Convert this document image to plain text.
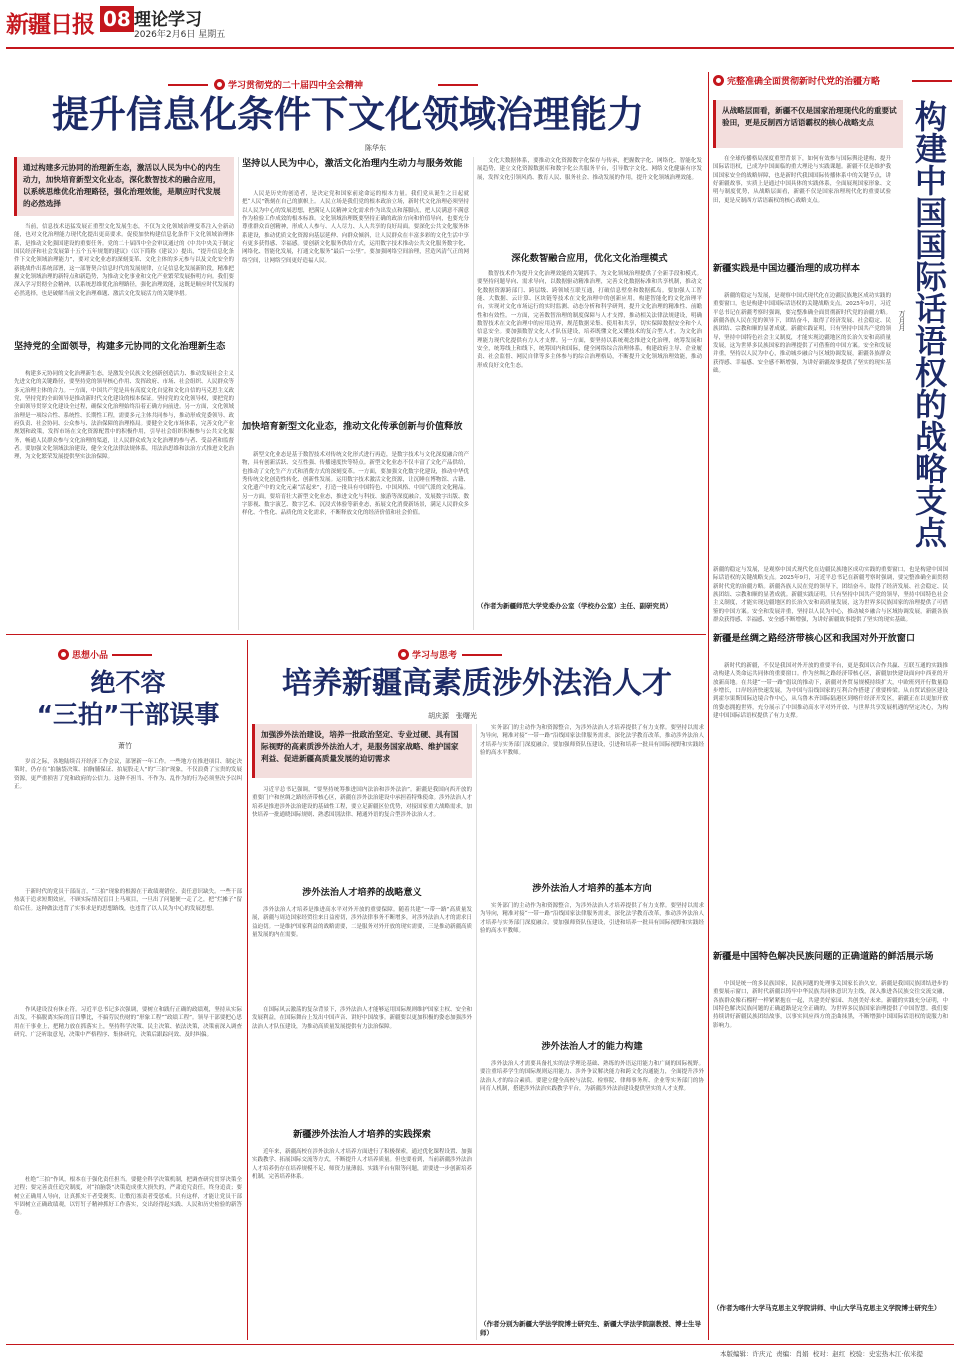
新疆日报 08 理论学习
2026年2月6日 星期五
学习贯彻党的二十届四中全会精神
提升信息化条件下文化领域治理能力
陈华东
通过构建多元协同的治理新生态，激活以人民为中心的内生动力，加快培育新型文化业态，深化数智技术的融合应用，以系统思维优化治理路径，强化治理效能，是顺应时代发展的必然选择
当前，信息技术迅猛发展正重塑文化发展生态，不仅为文化领域治理变革注入全新动能，也对文化治理能力现代化提出更高要求。促使加快构建信息化条件下文化领域治理体系，是推动文化强国建设的重要任务。党的二十届四中全会审议通过的《中共中央关于制定国民经济和社会发展第十五个五年规划的建议》（以下简称《建议》）提出，“提升信息化条件下文化领域治理能力”，要对文化业态的深刻变革、文化主体的多元参与以及文化安全的新挑战作出系统部署，这一部署契合信息时代的发展规律，立足信息化发展新阶段，精准把握文化领域治理的新特点和新趋势，为推动文化事业和文化产业繁荣发展指明方向。我们要深入学习贯彻全会精神，以系统思维优化治理路径，强化治理效能，这既是顺应时代发展的必然选择，也是破解当前文化治理难题、激活文化发展活力的关键举措。
坚持党的全面领导，构建多元协同的文化治理新生态
构建多元协同的文化治理新生态，是激发全民族文化创新创造活力、推动发展社会主义先进文化的关键路径，要坚持党的领导核心作用、发挥政府、市场、社会组织、人民群众等多元治理主体的合力。一方面，中国共产党是具有高度文化自觉和文化自信的马克思主义政党，坚持党的全面领导是推动新时代文化建设的根本保证。坚持党的文化领导权，要把党的全面领导贯穿文化建设全过程，确保文化治理始终沿着正确方向前进。另一方面，文化领域治理是一项综合性、系统性、长期性工程，需要多元主体共同参与，推动形成党委领导、政府负责、社会协同、公众参与、法治保障的治理格局。要健全文化市场体系，完善文化产业规划和政策，发挥市场在文化资源配置中的积极作用，引导社会组织积极参与公共文化服务，畅通人民群众参与文化治理的渠道，让人民群众成为文化治理的参与者、受益者和监督者。要加强文化领域法治建设，健全文化法律法规体系，用法治思维和法治方式推进文化治理，为文化繁荣发展提供坚实法治保障。
坚持以人民为中心，激活文化治理内生动力与服务效能
人民是历史的创造者，是决定党和国家前途命运的根本力量。我们党从诞生之日起就把“人民”镌刻在自己的旗帜上。人民立场是我们党的根本政治立场，新时代文化治理必须坚持以人民为中心的发展思想，把满足人民精神文化需求作为出发点和落脚点，把人民满意不满意作为检验工作成效的根本标准。文化领域治理既要坚持正确的政治方向和价值导向，也要充分尊重群众首创精神，形成人人参与、人人尽力、人人共享的良好局面。要深化公共文化服务体系建设，推动优质文化资源向基层延伸、向群众倾斜，让人民群众在丰富多彩的文化生活中享有更多获得感、幸福感。要创新文化服务供给方式，运用数字技术推动公共文化服务数字化、网络化、智能化发展，打通文化服务“最后一公里”。要加强网络空间治理，营造风清气正的网络空间，让网络空间更好造福人民。
加快培育新型文化业态，推动文化传承创新与价值释放
新型文化业态是基于数智技术对传统文化形式进行再造，是数字技术与文化深度融合的产物，具有创新活跃、交互性强、传播速度快等特点。新型文化业态不仅丰富了文化产品供给，也推动了文化生产方式和消费方式的深刻变革。一方面，要加强文化数字化建设，推动中华优秀传统文化创造性转化、创新性发展。运用数字技术激活文化资源，让沉睡在博物馆、古籍、文化遗产中的文化元素“活起来”，打造一批具有中国特色、中国风格、中国气派的文化精品。另一方面，要培育壮大新型文化业态，推进文化与科技、旅游等深度融合，发展数字出版、数字影视、数字演艺、数字艺术、沉浸式体验等新业态，拓展文化消费新场景，满足人民群众多样化、个性化、品质化的文化需求，不断释放文化的经济价值和社会价值。
文化大数据体系，要推动文化资源数字化保存与传承，把握数字化、网络化、智能化发展趋势，建立文化资源数据库和数字化公共服务平台，引导数字文化、网络文化健康有序发展，发挥文化引领风尚、教育人民、服务社会、推动发展的作用，提升文化领域治理效能。
深化数智融合应用，优化文化治理模式
数智技术作为提升文化治理效能的关键抓手，为文化领域治理提供了全新手段和模式。要坚持问题导向、需求导向，以数据驱动精准治理，完善文化数据标准和共享机制，推动文化数据资源跨部门、跨层级、跨领域互联互通，打破信息壁垒和数据孤岛。要加强人工智能、大数据、云计算、区块链等技术在文化治理中的创新应用，构建智能化的文化治理平台，实现对文化市场运行的实时监测、动态分析和科学研判，提升文化治理的精准性、前瞻性和有效性。一方面，完善数智治理的制度保障与人才支撑，推动相关法律法规建设，明确数智技术在文化治理中的应用边界，规范数据采集、使用和共享，切实保障数据安全和个人信息安全。要加强数智文化人才队伍建设，培养既懂文化又懂技术的复合型人才，为文化治理能力现代化提供有力人才支撑。另一方面，要坚持以系统观念推进文化治理，统筹发展和安全，统筹线上和线下，统筹国内和国际，健全网络综合治理体系，构建政府主导、企业履责、社会监督、网民自律等多主体参与的综合治理格局，不断提升文化领域治理效能，推动形成良好文化生态。
（作者为新疆师范大学党委办公室（学校办公室）主任、副研究员）
完整准确全面贯彻新时代党的治疆方略
从战略层面看，新疆不仅是国家治理现代化的重要试验田，更是反制西方话语霸权的核心战略支点	构建中国国际话语权的战略支点
万月月
在全球传播格局深度重塑背景下，如何有效参与国际舆论建构、提升国际话语权，已成为中国面临的重大理论与实践课题。新疆不仅是维护我国国家安全的战略屏障，也是新时代我国国际传播体系中的关键节点，讲好新疆故事，实质上是通过中国具体的实践体系，全面展现国家形象、文明与制度优势，从战略层面看，新疆不仅是国家治理现代化的重要试验田，更是反制西方话语霸权的核心战略支点。
新疆实践是中国边疆治理的成功样本
新疆的稳定与发展，是观察中国式现代化在边疆民族地区成功实践的重要窗口，也是构建中国国际话语权的关键战略支点。2025年9月，习近平总书记在新疆考察时强调，要完整准确全面贯彻新时代党的治疆方略。新疆各族人民在党的领导下，团结奋斗，取得了经济发展、社会稳定、民族团结、宗教和顺的显著成就。新疆实践证明，只有坚持中国共产党的领导，坚持中国特色社会主义制度，才能实现边疆地区的长治久安和高质量发展，这为世界多民族国家的治理提供了可借鉴的中国方案。安全和发展并重，坚持以人民为中心，推动城乡融合与区域协调发展，新疆各族群众获得感、幸福感、安全感不断增强，为讲好新疆故事提供了坚实的现实基础。
新疆的稳定与发展，是观察中国式现代化在边疆民族地区成功实践的重要窗口，也是构建中国国际话语权的关键战略支点。2025年9月，习近平总书记在新疆考察时强调，要完整准确全面贯彻新时代党的治疆方略。新疆各族人民在党的领导下，团结奋斗，取得了经济发展、社会稳定、民族团结、宗教和顺的显著成就。新疆实践证明，只有坚持中国共产党的领导，坚持中国特色社会主义制度，才能实现边疆地区的长治久安和高质量发展，这为世界多民族国家的治理提供了可借鉴的中国方案。安全和发展并重，坚持以人民为中心，推动城乡融合与区域协调发展，新疆各族群众获得感、幸福感、安全感不断增强，为讲好新疆故事提供了坚实的现实基础。
新疆是丝绸之路经济带核心区和我国对外开放窗口
新时代的新疆，不仅是我国对外开放的重要平台，更是我国以合作共赢、互联互通的实践推动构建人类命运共同体的重要窗口。作为丝绸之路经济带核心区，新疆加快建设面向中西亚的开放新高地。在共建“一带一路”倡议的推动下，新疆对外贸易规模持续扩大，中欧班列开行数量稳步增长，口岸经济快速发展，为中国与沿线国家的互利合作搭建了重要桥梁。从自贸试验区建设到霍尔果斯国际边境合作中心，从乌鲁木齐国际陆港区到喀什经济开发区，新疆正在以更加开放的姿态拥抱世界，充分展示了中国推动高水平对外开放、与世界共享发展机遇的坚定决心，为构建中国国际话语权提供了有力支撑。
新疆是中国特色解决民族问题的正确道路的鲜活展示场
中国是统一的多民族国家，民族问题的处理事关国家长治久安。新疆是我国民族团结进步的重要展示窗口，新时代新疆以铸牢中华民族共同体意识为主线，深入推进各民族交往交流交融，各族群众像石榴籽一样紧紧抱在一起，共建美好家园、共创美好未来。新疆的实践充分证明，中国特色解决民族问题的正确道路是完全正确的，为世界多民族国家治理提供了中国智慧。我们要持续讲好新疆民族团结故事，以事实回应西方的歪曲抹黑，不断增强中国国际话语权的说服力和影响力。
（作者为喀什大学马克思主义学院讲师、中山大学马克思主义学院博士研究生）
思想小品
绝不容
“三拍”干部误事
萧竹
岁首之际，各地陆续召开经济工作会议，部署新一年工作。一些地方在推进项目、制定决策时，仍存在“拍脑袋决策、拍胸脯保证、拍屁股走人”的“三拍”现象，不仅浪费了宝贵的发展资源，更严重损害了党和政府的公信力。这种不担当、不作为、乱作为的行为必须坚决予以纠正。
于新时代的党员干部而言，“三拍”现象的根源在于政绩观错位、责任意识缺失。一些干部热衷于追求短期效应，不顾实际情况盲目上马项目，一旦出了问题便一走了之，把“烂摊子”留给后任。这种做法违背了实事求是的思想路线，也违背了以人民为中心的发展思想。
作风建设没有休止符。习近平总书记多次强调，要树立和践行正确的政绩观，坚持从实际出发，不搞脱离实际的盲目攀比，不搞劳民伤财的“形象工程”“政绩工程”。领导干部要把心思用在干事业上，把精力放在抓落实上，坚持科学决策、民主决策、依法决策，决策前深入调查研究、广泛听取意见，决策中严格程序、集体研究，决策后跟踪问效、及时纠偏。
杜绝“三拍”作风，根本在于强化责任担当。要健全科学决策机制，把调查研究贯穿决策全过程；要完善责任追究制度，对“拍脑袋”决策造成重大损失的，严肃追究责任，终身追责；要树立正确用人导向，让真抓实干者受褒奖、让敷衍塞责者受惩戒。只有这样，才能让党员干部牢固树立正确政绩观，以钉钉子精神抓好工作落实，交出经得起实践、人民和历史检验的新答卷。
学习与思考
培养新疆高素质涉外法治人才
胡庆源　张曙光
加强涉外法治建设，培养一批政治坚定、专业过硬、具有国际视野的高素质涉外法治人才，是服务国家战略、维护国家利益、促进新疆高质量发展的迫切需求
习近平总书记强调，“要坚持统筹推进国内法治和涉外法治”。新疆是我国向西开放的重要门户和丝绸之路经济带核心区，新疆在涉外法治建设中承担着特殊使命。涉外法治人才培养是推进涉外法治建设的基础性工程，要立足新疆区位优势，对接国家重大战略需求，加快培养一批通晓国际规则、熟悉国别法律、精通外语的复合型涉外法治人才。
涉外法治人才培养的战略意义
涉外法治人才培养是推进高水平对外开放的重要保障。随着共建“一带一路”高质量发展，新疆与周边国家经贸往来日益密切，涉外法律事务不断增多，对涉外法治人才的需求日益迫切。一是维护国家利益的战略需要，二是服务对外开放的现实需要，三是推动新疆高质量发展的内在需要。
在国际风云激荡的复杂背景下，涉外法治人才能够运用国际规则维护国家主权、安全和发展利益，在国际舞台上发出中国声音、讲好中国故事。新疆要以更加积极的姿态加强涉外法治人才队伍建设，为推动高质量发展提供有力法治保障。
新疆涉外法治人才培养的实践探索
近年来，新疆高校在涉外法治人才培养方面进行了积极探索，通过优化课程设置、加强实践教学、拓展国际交流等方式，不断提升人才培养质量。但也要看到，当前新疆涉外法治人才培养仍存在培养规模不足、师资力量薄弱、实践平台有限等问题，需要进一步创新培养机制，完善培养体系。
实务部门的主动作为和资源整合，为涉外法治人才培养提供了有力支撑。要坚持以需求为导向，精准对接“一带一路”沿线国家法律服务需求，深化法学教育改革，推动涉外法治人才培养与实务部门深度融合。要加强师资队伍建设，引进和培养一批具有国际视野和实践经验的高水平教师。
涉外法治人才培养的基本方向
实务部门的主动作为和资源整合，为涉外法治人才培养提供了有力支撑。要坚持以需求为导向，精准对接“一带一路”沿线国家法律服务需求，深化法学教育改革，推动涉外法治人才培养与实务部门深度融合。要加强师资队伍建设，引进和培养一批具有国际视野和实践经验的高水平教师。
涉外法治人才的能力构建
涉外法治人才需要具备扎实的法学理论基础、熟练的外语运用能力和广阔的国际视野。要注重培养学生的国际规则运用能力、涉外争议解决能力和跨文化沟通能力，全面提升涉外法治人才的综合素质。要建立健全高校与法院、检察院、律师事务所、企业等实务部门的协同育人机制，搭建涉外法治实践教学平台，为新疆涉外法治建设提供坚实的人才支撑。
（作者分别为新疆大学法学院博士研究生、新疆大学法学院副教授、博士生导师）
本版编辑：许庆元 责编：肖娟 校对：赵红 校验：史宏热木江·依米提
